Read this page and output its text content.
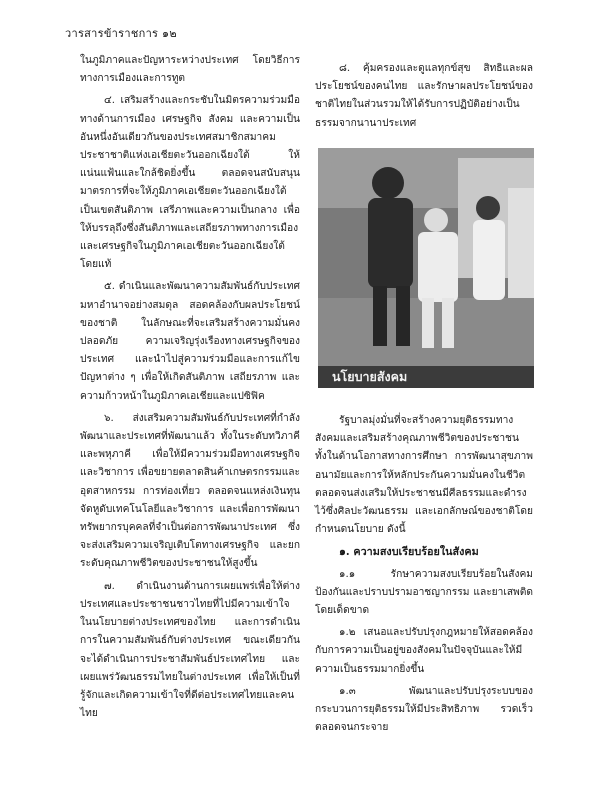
วารสารข้าราชการ ๑๒

ในภูมิภาคและปัญหาระหว่างประเทศ โดยวิธีการทางการเมืองและการทูต

๔. เสริมสร้างและกระชับในมิตรความร่วมมือทางด้านการเมือง เศรษฐกิจ สังคม และความเป็นอันหนึ่งอันเดียวกันของประเทศสมาชิกสมาคมประชาชาติแห่งเอเชียตะวันออกเฉียงใต้ ให้แน่นแฟ้นและใกล้ชิดยิ่งขึ้น ตลอดจนสนับสนุนมาตรการที่จะให้ภูมิภาคเอเชียตะวันออกเฉียงใต้เป็นเขตสันติภาพ เสรีภาพและความเป็นกลาง เพื่อให้บรรลุถึงซึ่งสันติภาพและเสถียรภาพทางการเมืองและเศรษฐกิจในภูมิภาคเอเชียตะวันออกเฉียงใต้โดยแท้

๕. ดำเนินและพัฒนาความสัมพันธ์กับประเทศมหาอำนาจอย่างสมดุล สอดคล้องกับผลประโยชน์ของชาติ ในลักษณะที่จะเสริมสร้างความมั่นคงปลอดภัย ความเจริญรุ่งเรืองทางเศรษฐกิจของประเทศ และนำไปสู่ความร่วมมือและการแก้ไขปัญหาต่าง ๆ เพื่อให้เกิดสันติภาพ เสถียรภาพ และความก้าวหน้าในภูมิภาคเอเชียและแปซิฟิค

๖. ส่งเสริมความสัมพันธ์กับประเทศที่กำลังพัฒนาและประเทศที่พัฒนาแล้ว ทั้งในระดับทวิภาคีและพหุภาคี เพื่อให้มีความร่วมมือทางเศรษฐกิจและวิชาการ เพื่อขยายตลาดสินค้าเกษตรกรรมและอุตสาหกรรม การท่องเที่ยว ตลอดจนแหล่งเงินทุน จัดหูดับเทคโนโลยีและวิชาการ และเพื่อการพัฒนาทรัพยากรบุคคลที่จำเป็นต่อการพัฒนาประเทศ ซึ่งจะส่งเสริมความเจริญเติบโตทางเศรษฐกิจ และยกระดับคุณภาพชีวิตของประชาชนให้สูงขึ้น

๗. ดำเนินงานด้านการเผยแพร่เพื่อให้ต่างประเทศและประชาชนชาวไทยที่ไปมีความเข้าใจในนโยบายต่างประเทศของไทย และการดำเนินการในความสัมพันธ์กับต่างประเทศ ขณะเดียวกันจะได้ดำเนินการประชาสัมพันธ์ประเทศไทย และเผยแพร่วัฒนธรรมไทยในต่างประเทศ เพื่อให้เป็นที่รู้จักและเกิดความเข้าใจที่ดีต่อประเทศไทยและคนไทย

๘. คุ้มครองและดูแลทุกข์สุข สิทธิและผลประโยชน์ของคนไทย และรักษาผลประโยชน์ของชาติไทยในส่วนรวมให้ได้รับการปฏิบัติอย่างเป็นธรรมจากนานาประเทศ

นโยบายสังคม

รัฐบาลมุ่งมั่นที่จะสร้างความยุติธรรมทางสังคมและเสริมสร้างคุณภาพชีวิตของประชาชน ทั้งในด้านโอกาสทางการศึกษา การพัฒนาสุขภาพอนามัยและการให้หลักประกันความมั่นคงในชีวิต ตลอดจนส่งเสริมให้ประชาชนมีศีลธรรมและดำรงไว้ซึ่งศิลปะวัฒนธรรม และเอกลักษณ์ของชาติโดยกำหนดนโยบาย ดังนี้

๑. ความสงบเรียบร้อยในสังคม

๑.๑ รักษาความสงบเรียบร้อยในสังคม ป้องกันและปราบปรามอาชญากรรม และยาเสพติดโดยเด็ดขาด

๑.๒ เสนอและปรับปรุงกฎหมายให้สอดคล้องกับการความเป็นอยู่ของสังคมในปัจจุบันและให้มีความเป็นธรรมมากยิ่งขึ้น

๑.๓ พัฒนาและปรับปรุงระบบของกระบวนการยุติธรรมให้มีประสิทธิภาพ รวดเร็ว ตลอดจนกระจาย
